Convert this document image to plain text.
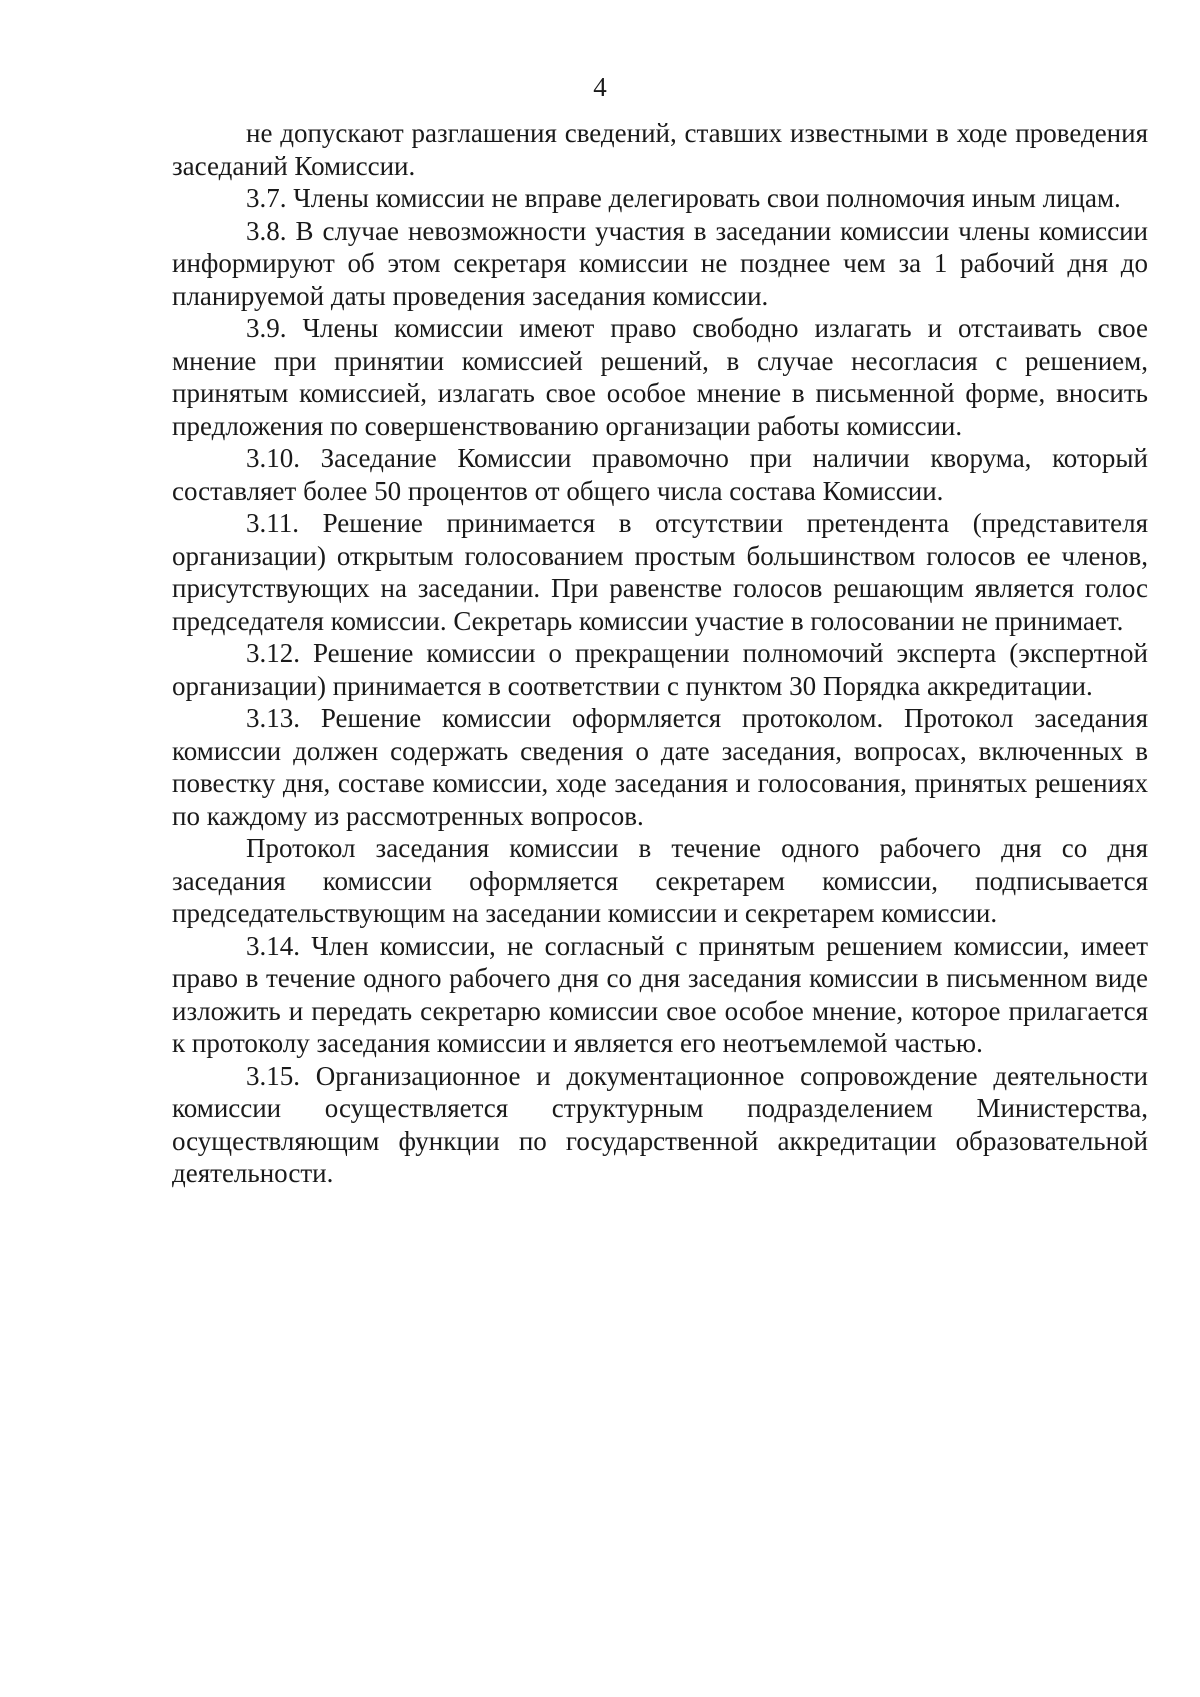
4

не допускают разглашения сведений, ставших известными в ходе проведения заседаний Комиссии.

3.7. Члены комиссии не вправе делегировать свои полномочия иным лицам.

3.8. В случае невозможности участия в заседании комиссии члены комиссии информируют об этом секретаря комиссии не позднее чем за 1 рабочий дня до планируемой даты проведения заседания комиссии.

3.9. Члены комиссии имеют право свободно излагать и отстаивать свое мнение при принятии комиссией решений, в случае несогласия с решением, принятым комиссией, излагать свое особое мнение в письменной форме, вносить предложения по совершенствованию организации работы комиссии.

3.10. Заседание Комиссии правомочно при наличии кворума, который составляет более 50 процентов от общего числа состава Комиссии.

3.11. Решение принимается в отсутствии претендента (представителя организации) открытым голосованием простым большинством голосов ее членов, присутствующих на заседании. При равенстве голосов решающим является голос председателя комиссии. Секретарь комиссии участие в голосовании не принимает.

3.12. Решение комиссии о прекращении полномочий эксперта (экспертной организации) принимается в соответствии с пунктом 30 Порядка аккредитации.

3.13. Решение комиссии оформляется протоколом. Протокол заседания комиссии должен содержать сведения о дате заседания, вопросах, включенных в повестку дня, составе комиссии, ходе заседания и голосования, принятых решениях по каждому из рассмотренных вопросов.

Протокол заседания комиссии в течение одного рабочего дня со дня заседания комиссии оформляется секретарем комиссии, подписывается председательствующим на заседании комиссии и секретарем комиссии.

3.14. Член комиссии, не согласный с принятым решением комиссии, имеет право в течение одного рабочего дня со дня заседания комиссии в письменном виде изложить и передать секретарю комиссии свое особое мнение, которое прилагается к протоколу заседания комиссии и является его неотъемлемой частью.

3.15. Организационное и документационное сопровождение деятельности комиссии осуществляется структурным подразделением Министерства, осуществляющим функции по государственной аккредитации образовательной деятельности.
